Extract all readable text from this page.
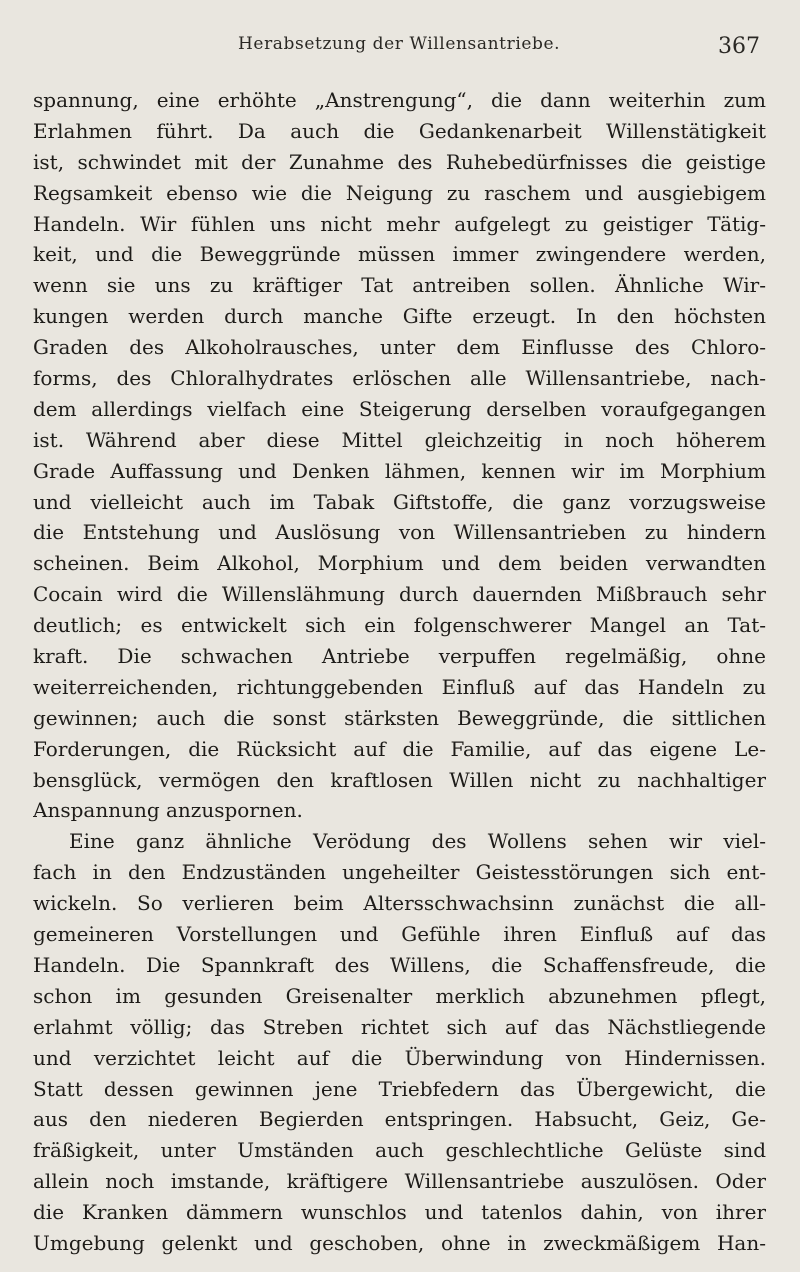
Herabsetzung der Willensantriebe.	367
spannung, eine erhöhte „Anstrengung“, die dann weiterhin zum
Erlahmen führt. Da auch die Gedankenarbeit Willenstätigkeit
ist, schwindet mit der Zunahme des Ruhebedürfnisses die geistige
Regsamkeit ebenso wie die Neigung zu raschem und ausgiebigem
Handeln. Wir fühlen uns nicht mehr aufgelegt zu geistiger Tätig-
keit, und die Beweggründe müssen immer zwingendere werden,
wenn sie uns zu kräftiger Tat antreiben sollen. Ähnliche Wir-
kungen werden durch manche Gifte erzeugt. In den höchsten
Graden des Alkoholrausches, unter dem Einflusse des Chloro-
forms, des Chloralhydrates erlöschen alle Willensantriebe, nach-
dem allerdings vielfach eine Steigerung derselben voraufgegangen
ist. Während aber diese Mittel gleichzeitig in noch höherem
Grade Auffassung und Denken lähmen, kennen wir im Morphium
und vielleicht auch im Tabak Giftstoffe, die ganz vorzugsweise
die Entstehung und Auslösung von Willensantrieben zu hindern
scheinen. Beim Alkohol, Morphium und dem beiden verwandten
Cocain wird die Willenslähmung durch dauernden Mißbrauch sehr
deutlich; es entwickelt sich ein folgenschwerer Mangel an Tat-
kraft. Die schwachen Antriebe verpuffen regelmäßig, ohne
weiterreichenden, richtunggebenden Einfluß auf das Handeln zu
gewinnen; auch die sonst stärksten Beweggründe, die sittlichen
Forderungen, die Rücksicht auf die Familie, auf das eigene Le-
bensglück, vermögen den kraftlosen Willen nicht zu nachhaltiger
Anspannung anzuspornen.
Eine ganz ähnliche Verödung des Wollens sehen wir viel-
fach in den Endzuständen ungeheilter Geistesstörungen sich ent-
wickeln. So verlieren beim Altersschwachsinn zunächst die all-
gemeineren Vorstellungen und Gefühle ihren Einfluß auf das
Handeln. Die Spannkraft des Willens, die Schaffensfreude, die
schon im gesunden Greisenalter merklich abzunehmen pflegt,
erlahmt völlig; das Streben richtet sich auf das Nächstliegende
und verzichtet leicht auf die Überwindung von Hindernissen.
Statt dessen gewinnen jene Triebfedern das Übergewicht, die
aus den niederen Begierden entspringen. Habsucht, Geiz, Ge-
fräßigkeit, unter Umständen auch geschlechtliche Gelüste sind
allein noch imstande, kräftigere Willensantriebe auszulösen. Oder
die Kranken dämmern wunschlos und tatenlos dahin, von ihrer
Umgebung gelenkt und geschoben, ohne in zweckmäßigem Han-
